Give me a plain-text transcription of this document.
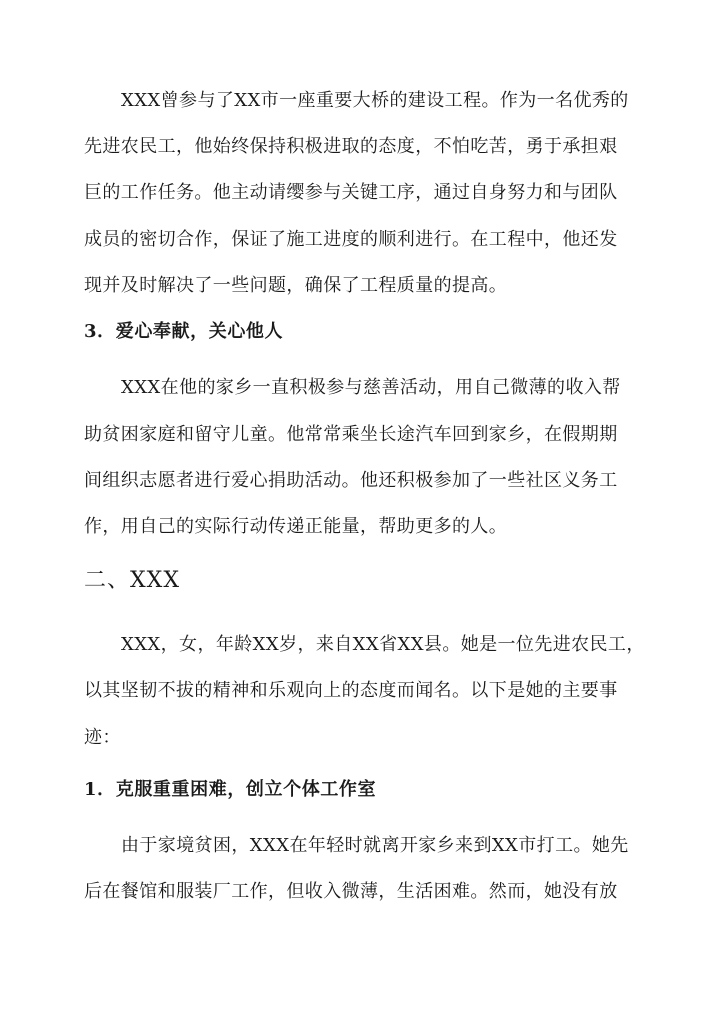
XXX曾参与了XX市一座重要大桥的建设工程。作为一名优秀的
先进农民工，他始终保持积极进取的态度，不怕吃苦，勇于承担艰
巨的工作任务。他主动请缨参与关键工序，通过自身努力和与团队
成员的密切合作，保证了施工进度的顺利进行。在工程中，他还发
现并及时解决了一些问题，确保了工程质量的提高。
3．爱心奉献，关心他人
XXX在他的家乡一直积极参与慈善活动，用自己微薄的收入帮
助贫困家庭和留守儿童。他常常乘坐长途汽车回到家乡，在假期期
间组织志愿者进行爱心捐助活动。他还积极参加了一些社区义务工
作，用自己的实际行动传递正能量，帮助更多的人。
二、XXX
XXX，女，年龄XX岁，来自XX省XX县。她是一位先进农民工，
以其坚韧不拔的精神和乐观向上的态度而闻名。以下是她的主要事
迹：
1．克服重重困难，创立个体工作室
由于家境贫困，XXX在年轻时就离开家乡来到XX市打工。她先
后在餐馆和服装厂工作，但收入微薄，生活困难。然而，她没有放
